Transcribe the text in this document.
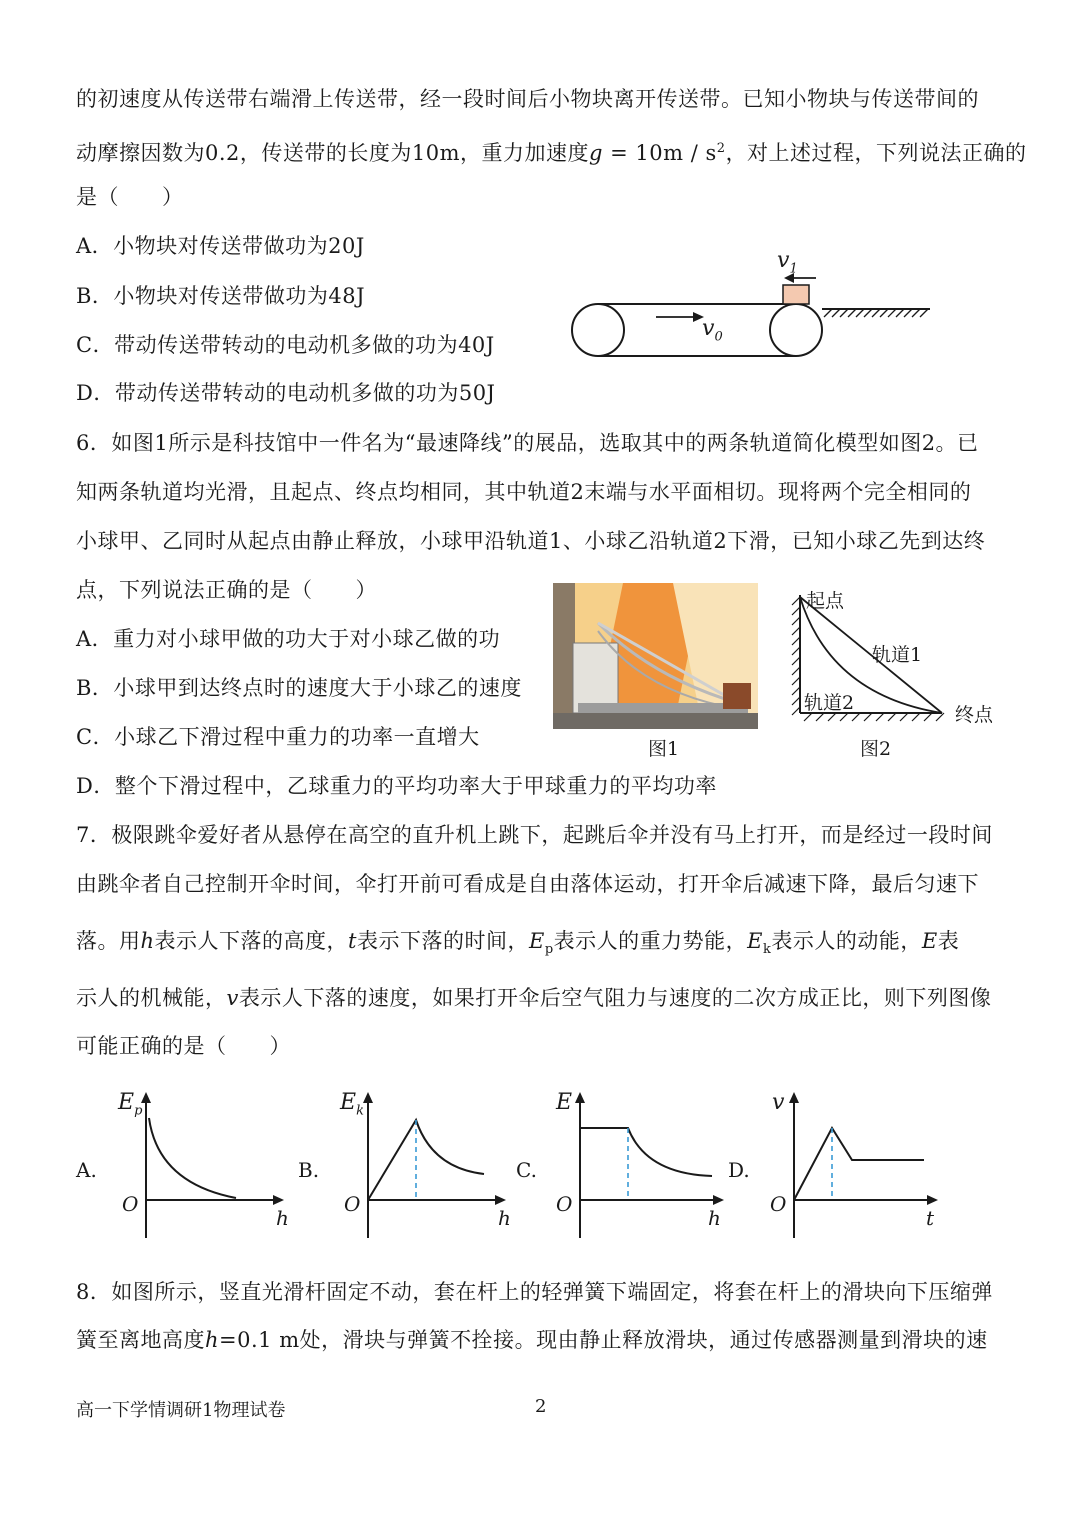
的初速度从传送带右端滑上传送带，经一段时间后小物块离开传送带。已知小物块与传送带间的
动摩擦因数为0.2，传送带的长度为10m，重力加速度$g = 10m / s^2$，对上述过程，下列说法正确的
是（　　）
A．小物块对传送带做功为20J
B．小物块对传送带做功为48J
C．带动传送带转动的电动机多做的功为40J
D．带动传送带转动的电动机多做的功为50J
$v_1$
$v_0$
6．如图1所示是科技馆中一件名为“最速降线”的展品，选取其中的两条轨道简化模型如图2。已
知两条轨道均光滑，且起点、终点均相同，其中轨道2末端与水平面相切。现将两个完全相同的
小球甲、乙同时从起点由静止释放，小球甲沿轨道1、小球乙沿轨道2下滑，已知小球乙先到达终
点，下列说法正确的是（　　）
A．重力对小球甲做的功大于对小球乙做的功
B．小球甲到达终点时的速度大于小球乙的速度
C．小球乙下滑过程中重力的功率一直增大
D．整个下滑过程中，乙球重力的平均功率大于甲球重力的平均功率
图1
起点
轨道1
轨道2
终点
图2
7．极限跳伞爱好者从悬停在高空的直升机上跳下，起跳后伞并没有马上打开，而是经过一段时间
由跳伞者自己控制开伞时间，伞打开前可看成是自由落体运动，打开伞后减速下降，最后匀速下
落。用h表示人下落的高度，t表示下落的时间，$E_p$表示人的重力势能，$E_k$表示人的动能，E表
示人的机械能，v表示人下落的速度，如果打开伞后空气阻力与速度的二次方成正比，则下列图像
可能正确的是（　　）
A.
$E_p$
O
h
B.
$E_k$
O
h
C.
E
O
h
D.
v
O
t
8．如图所示，竖直光滑杆固定不动，套在杆上的轻弹簧下端固定，将套在杆上的滑块向下压缩弹
簧至离地高度h=0.1 m处，滑块与弹簧不拴接。现由静止释放滑块，通过传感器测量到滑块的速
高一下学情调研1物理试卷	2
